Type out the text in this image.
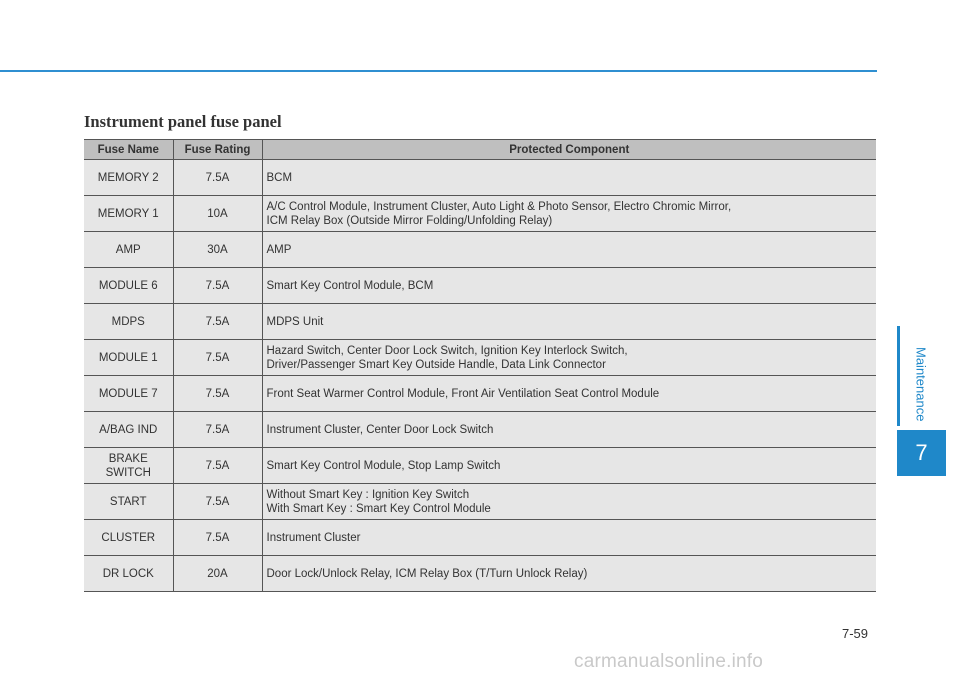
Instrument panel fuse panel
Fuse Name	Fuse Rating	Protected Component
MEMORY 2	7.5A	BCM

MEMORY 1	10A	A/C Control Module, Instrument Cluster, Auto Light & Photo Sensor, Electro Chromic Mirror,
ICM Relay Box (Outside Mirror Folding/Unfolding Relay)

AMP	30A	AMP

MODULE 6	7.5A	Smart Key Control Module, BCM

MDPS	7.5A	MDPS Unit

MODULE 1	7.5A	Hazard Switch, Center Door Lock Switch, Ignition Key Interlock Switch,
Driver/Passenger Smart Key Outside Handle, Data Link Connector

MODULE 7	7.5A	Front Seat Warmer Control Module, Front Air Ventilation Seat Control Module

A/BAG IND	7.5A	Instrument Cluster, Center Door Lock Switch

BRAKE
SWITCH	7.5A	Smart Key Control Module, Stop Lamp Switch

START	7.5A	Without Smart Key : Ignition Key Switch
With Smart Key : Smart Key Control Module

CLUSTER	7.5A	Instrument Cluster

DR LOCK	20A	Door Lock/Unlock Relay, ICM Relay Box (T/Turn Unlock Relay)
Maintenance
7
7-59
carmanualsonline.info
